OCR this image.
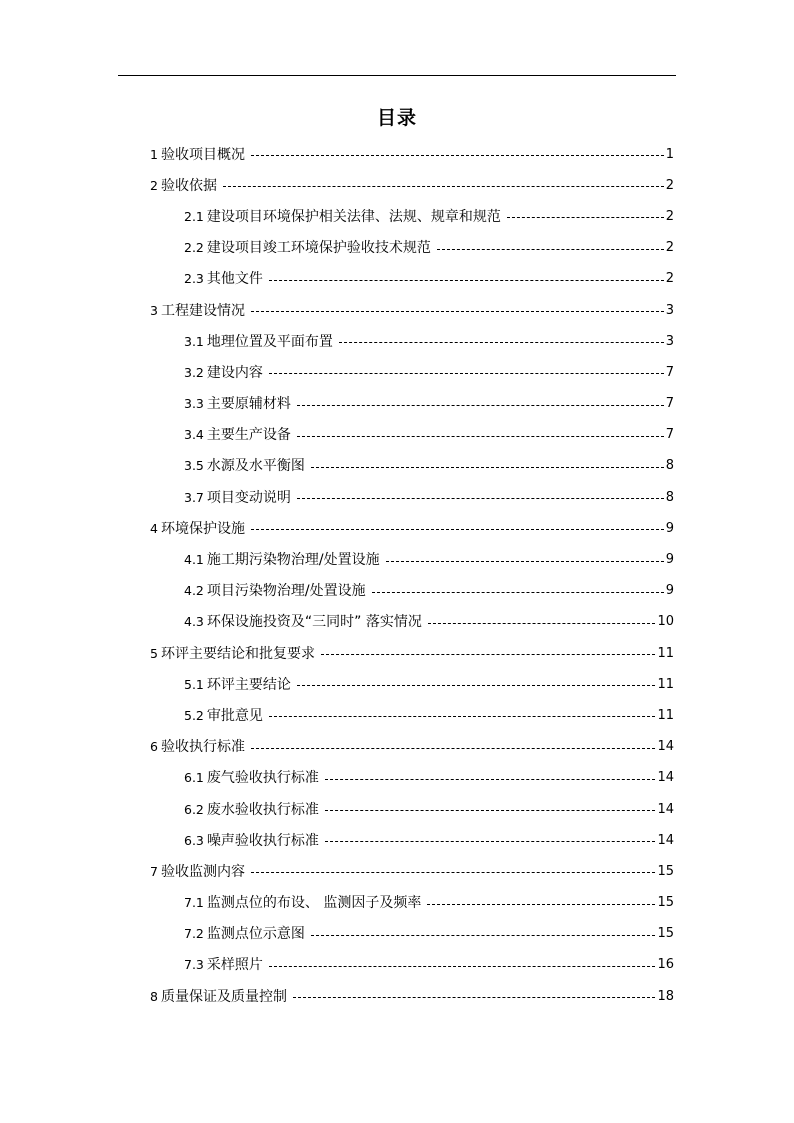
目录
1 验收项目概况	1
2 验收依据	2
2.1 建设项目环境保护相关法律、法规、规章和规范	2
2.2 建设项目竣工环境保护验收技术规范	2
2.3 其他文件	2
3 工程建设情况	3
3.1 地理位置及平面布置	3
3.2 建设内容	7
3.3 主要原辅材料	7
3.4 主要生产设备	7
3.5 水源及水平衡图	8
3.7 项目变动说明	8
4 环境保护设施	9
4.1 施工期污染物治理/处置设施	9
4.2 项目污染物治理/处置设施	9
4.3 环保设施投资及“三同时” 落实情况	10
5 环评主要结论和批复要求	11
5.1 环评主要结论	11
5.2 审批意见	11
6 验收执行标准	14
6.1 废气验收执行标准	14
6.2 废水验收执行标准	14
6.3 噪声验收执行标准	14
7 验收监测内容	15
7.1 监测点位的布设、 监测因子及频率	15
7.2 监测点位示意图	15
7.3 采样照片	16
8 质量保证及质量控制	18
